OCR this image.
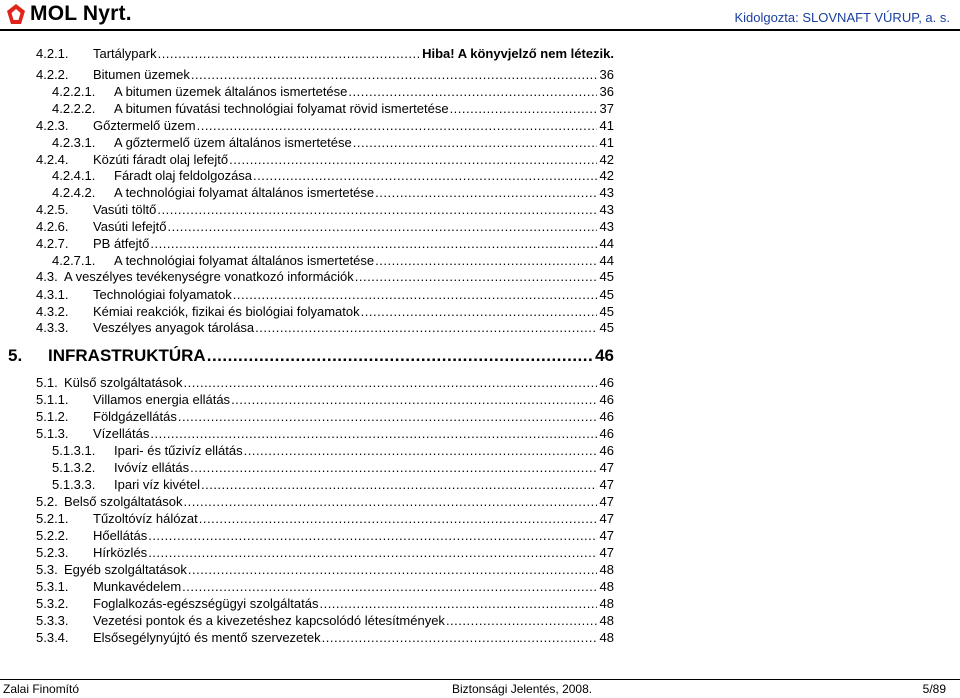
MOL Nyrt.	Kidolgozta: SLOVNAFT VÚRUP, a. s.
4.2.1. Tartálypark .....	Hiba! A könyvjelző nem létezik.
4.2.2. Bitumen üzemek .....	36
4.2.2.1. A bitumen üzemek általános ismertetése .....	36
4.2.2.2. A bitumen fúvatási technológiai folyamat rövid ismertetése .....	37
4.2.3. Gőztermelő üzem .....	41
4.2.3.1. A gőztermelő üzem általános ismertetése .....	41
4.2.4. Közúti fáradt olaj lefejtő .....	42
4.2.4.1. Fáradt olaj feldolgozása .....	42
4.2.4.2. A technológiai folyamat általános ismertetése .....	43
4.2.5. Vasúti töltő .....	43
4.2.6. Vasúti lefejtő .....	43
4.2.7. PB átfejtő .....	44
4.2.7.1. A technológiai folyamat általános ismertetése .....	44
4.3. A veszélyes tevékenységre vonatkozó információk .....	45
4.3.1. Technológiai folyamatok .....	45
4.3.2. Kémiai reakciók, fizikai és biológiai folyamatok .....	45
4.3.3. Veszélyes anyagok tárolása .....	45
5. INFRASTRUKTÚRA .....	46
5.1. Külső szolgáltatások .....	46
5.1.1. Villamos energia ellátás .....	46
5.1.2. Földgázellátás .....	46
5.1.3. Vízellátás .....	46
5.1.3.1. Ipari- és tűzivíz ellátás .....	46
5.1.3.2. Ivóvíz ellátás .....	47
5.1.3.3. Ipari víz kivétel .....	47
5.2. Belső szolgáltatások .....	47
5.2.1. Tűzoltóvíz hálózat .....	47
5.2.2. Hőellátás .....	47
5.2.3. Hírközlés .....	47
5.3. Egyéb szolgáltatások .....	48
5.3.1. Munkavédelem .....	48
5.3.2. Foglalkozás-egészségügyi szolgáltatás .....	48
5.3.3. Vezetési pontok és a kivezetéshez kapcsolódó létesítmények .....	48
5.3.4. Elsősegélynyújtó és mentő szervezetek .....	48
Zalai Finomító	Biztonsági Jelentés, 2008.	5/89
